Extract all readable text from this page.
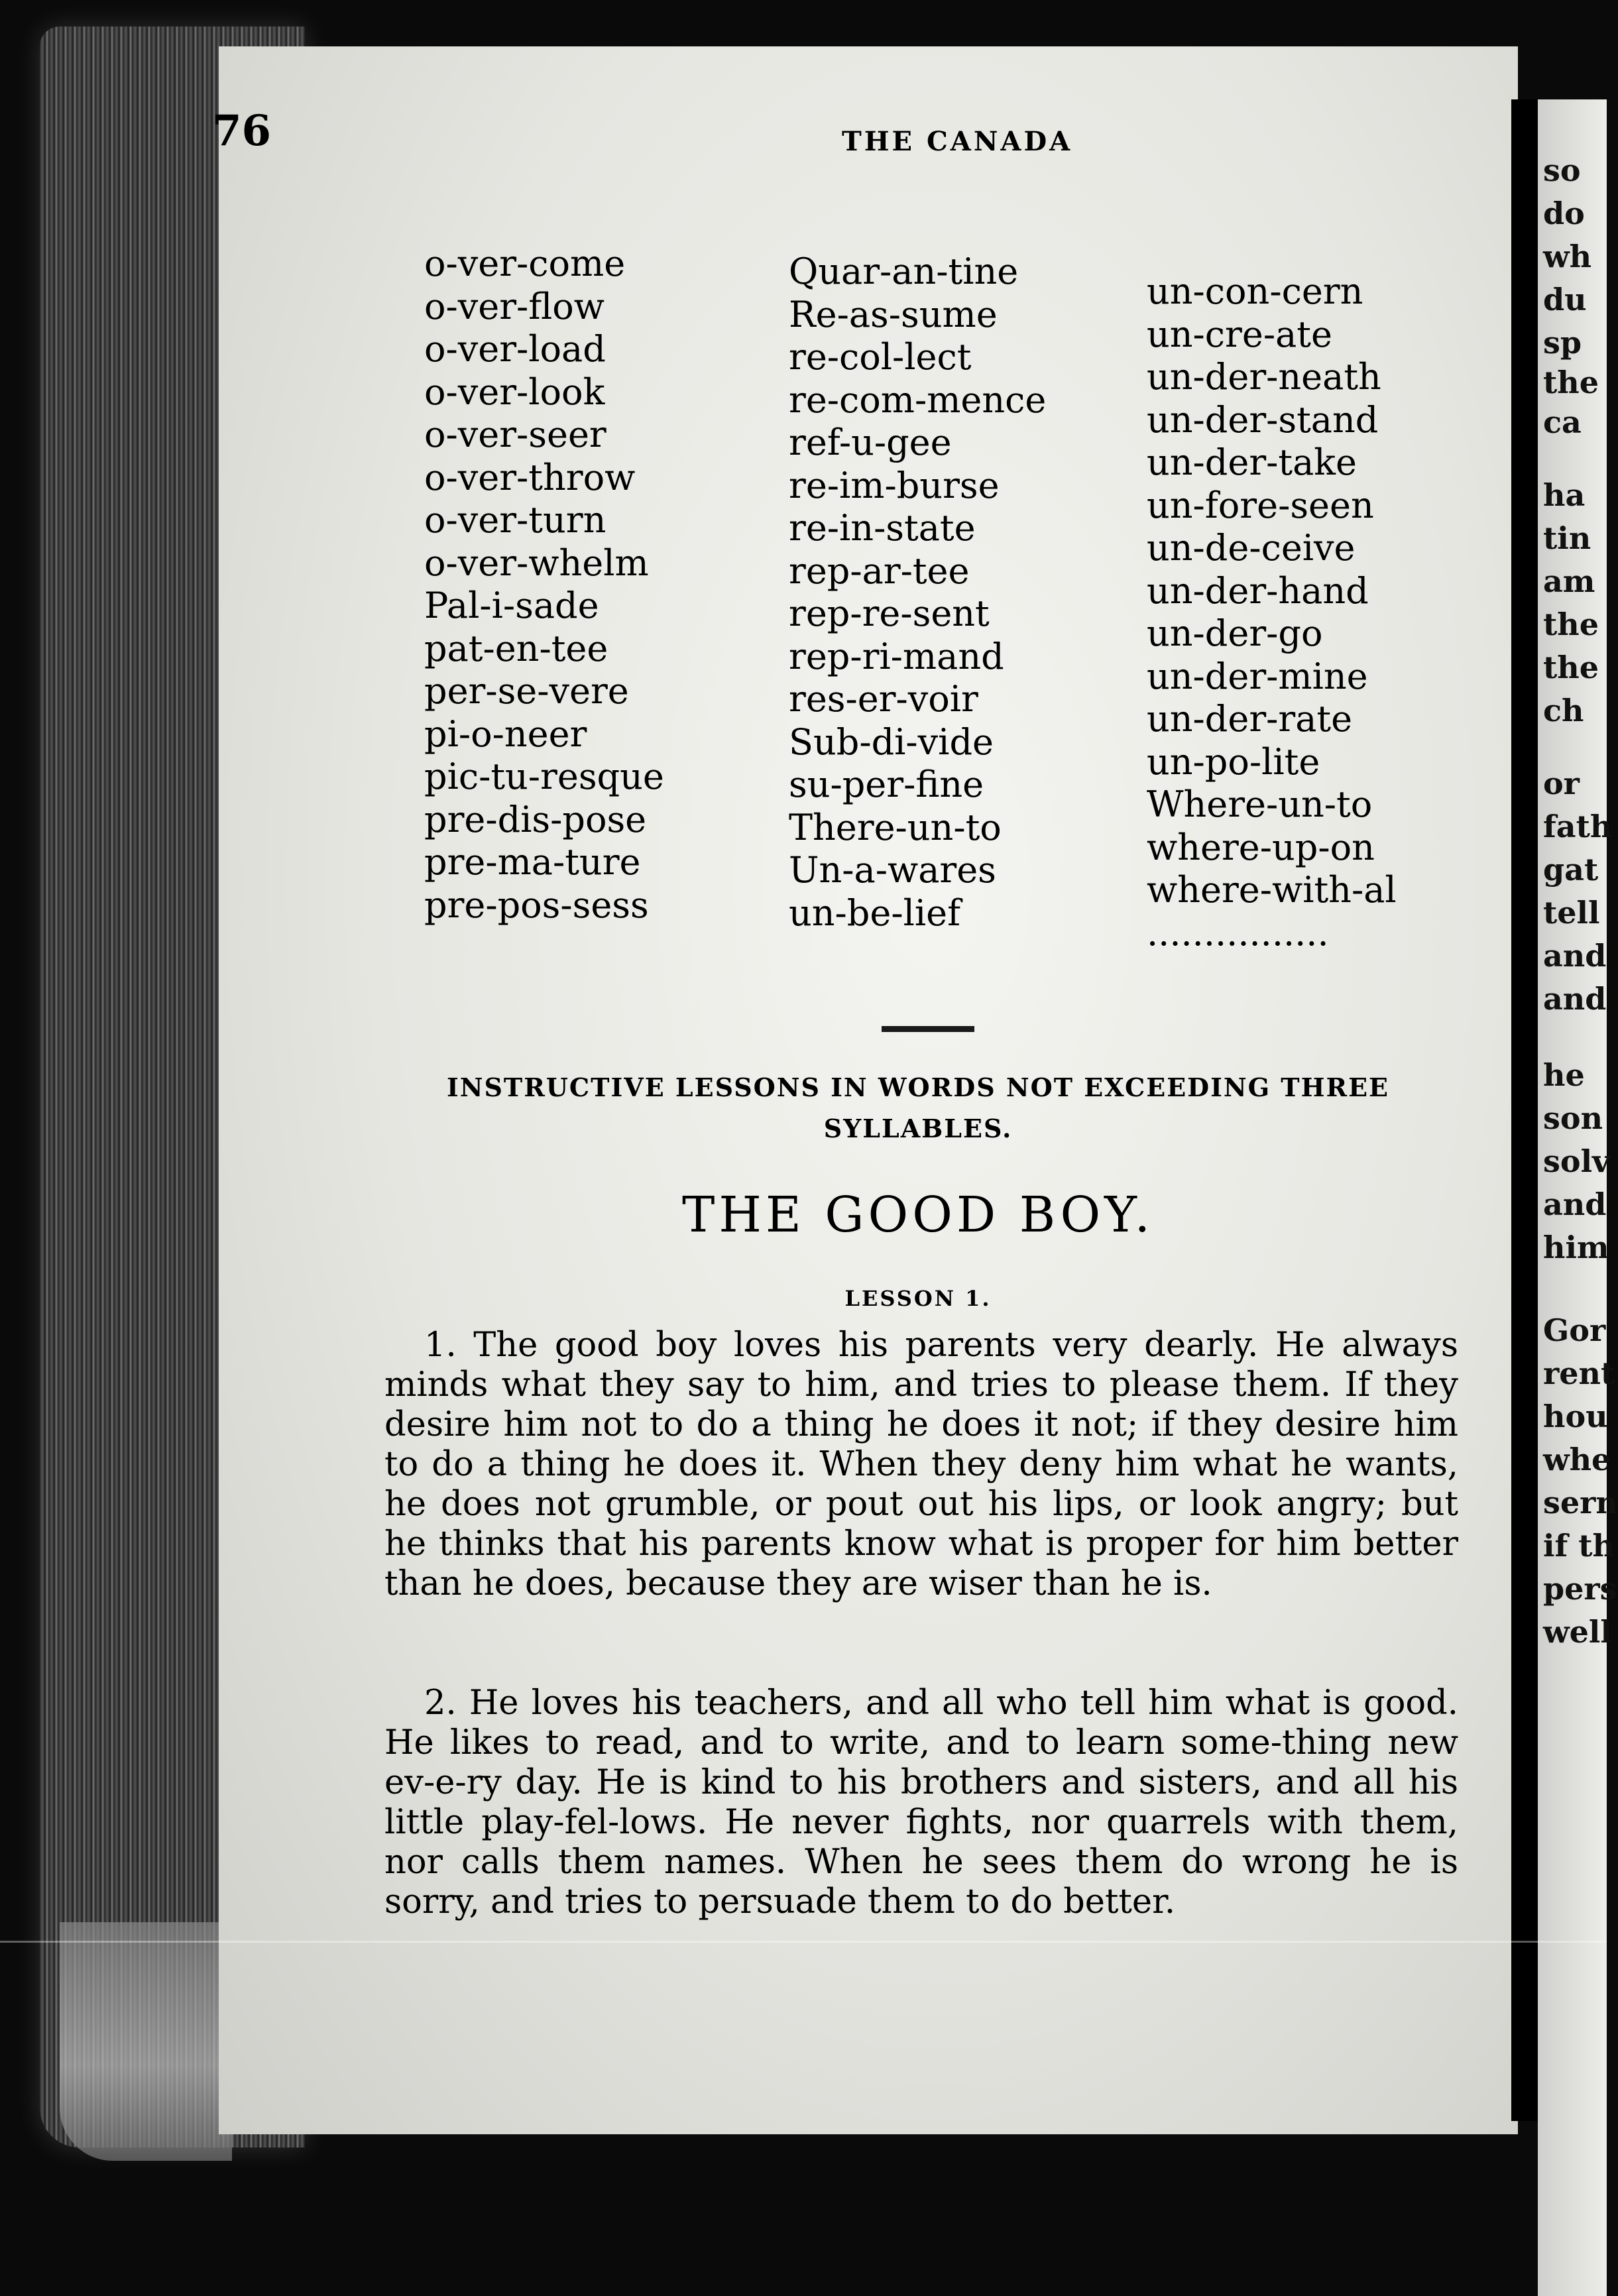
so
do
wh
du
sp
the
ca
ha
tin
am
the
the
ch
or
fath
gat
tell
and
and
he
son
solv
and
him
Gor
rent
hou
whe
sern
if th
pers
well
76	THE CANADA
o-ver-come
o-ver-flow
o-ver-load
o-ver-look
o-ver-seer
o-ver-throw
o-ver-turn
o-ver-whelm
Pal-i-sade
pat-en-tee
per-se-vere
pi-o-neer
pic-tu-resque
pre-dis-pose
pre-ma-ture
pre-pos-sess
Quar-an-tine
Re-as-sume
re-col-lect
re-com-mence
ref-u-gee
re-im-burse
re-in-state
rep-ar-tee
rep-re-sent
rep-ri-mand
res-er-voir
Sub-di-vide
su-per-fine
There-un-to
Un-a-wares
un-be-lief
un-con-cern
un-cre-ate
un-der-neath
un-der-stand
un-der-take
un-fore-seen
un-de-ceive
un-der-hand
un-der-go
un-der-mine
un-der-rate
un-po-lite
Where-un-to
where-up-on
where-with-al
................
INSTRUCTIVE LESSONS IN WORDS NOT EXCEEDING THREE SYLLABLES.
THE GOOD BOY.
LESSON 1.

1. The good boy loves his parents very dearly. He always minds what they say to him, and tries to please them. If they desire him not to do a thing he does it not; if they desire him to do a thing he does it. When they deny him what he wants, he does not grumble, or pout out his lips, or look angry; but he thinks that his parents know what is proper for him better than he does, because they are wiser than he is.

2. He loves his teachers, and all who tell him what is good. He likes to read, and to write, and to learn some-thing new ev-e-ry day. He is kind to his brothers and sisters, and all his little play-fel-lows. He never fights, nor quarrels with them, nor calls them names. When he sees them do wrong he is sorry, and tries to persuade them to do better.
